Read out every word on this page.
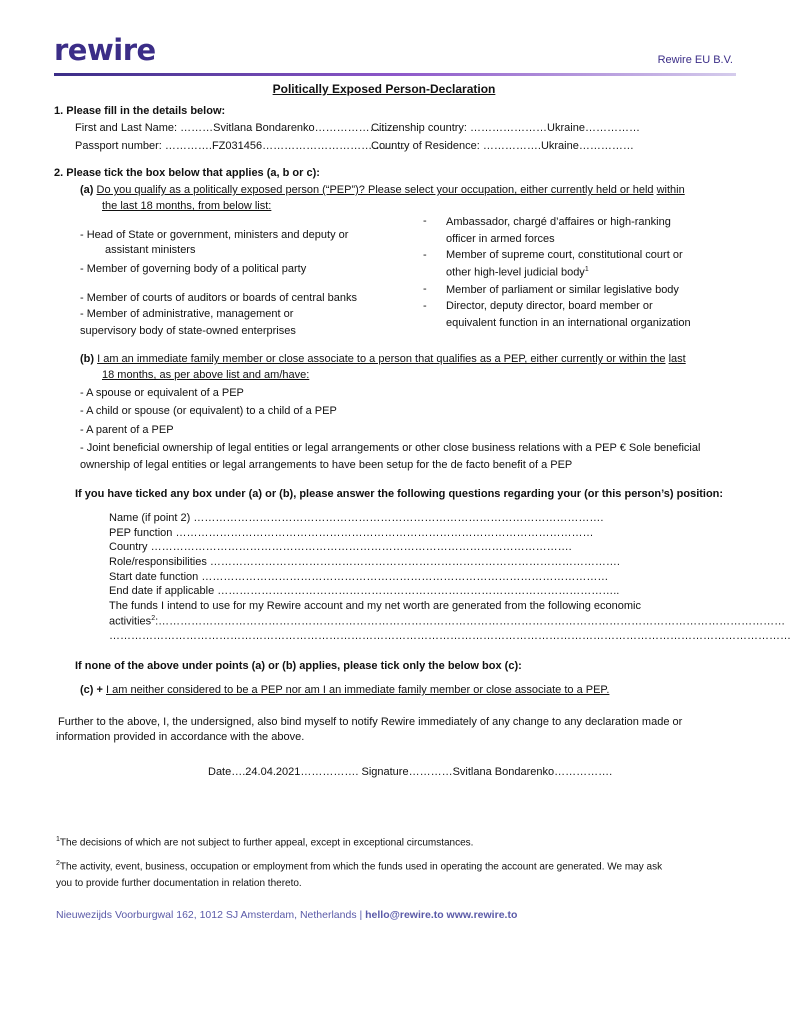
rewire	Rewire EU B.V.
Politically Exposed Person-Declaration
1. Please fill in the details below:
First and Last Name: ………Svitlana Bondarenko………………….
Citizenship country: …………………Ukraine……………
Passport number: ………….FZ031456………………………………….
Country of Residence: …………….Ukraine……………
2. Please tick the box below that applies (a, b or c):
(a) Do you qualify as a politically exposed person (“PEP”)? Please select your occupation, either currently held or held within
the last 18 months, from below list:
- Head of State or government, ministers and deputy or
assistant ministers
- Member of governing body of a political party
- Member of courts of auditors or boards of central banks
- Member of administrative, management or
supervisory body of state-owned enterprises
- Ambassador, chargé d’affaires or high-ranking
officer in armed forces
- Member of supreme court, constitutional court or
other high-level judicial body$^1$
- Member of parliament or similar legislative body
- Director, deputy director, board member or
equivalent function in an international organization
(b) I am an immediate family member or close associate to a person that qualifies as a PEP, either currently or within the last
18 months, as per above list and am/have:
- A spouse or equivalent of a PEP
- A child or spouse (or equivalent) to a child of a PEP
- A parent of a PEP
- Joint beneficial ownership of legal entities or legal arrangements or other close business relations with a PEP € Sole beneficial
ownership of legal entities or legal arrangements to have been setup for the de facto benefit of a PEP
If you have ticked any box under (a) or (b), please answer the following questions regarding your (or this person’s) position:
Name (if point 2) ………………………………………………………………………………………………….
PEP function ……………………………………………………………………………………………………
Country …………………………………………………………………………………………………….
Role/responsibilities ………………………………………………………………………………………………….
Start date function …………………………………………………………………………………………………
End date if applicable ………………………………………………………………………………………………..
The funds I intend to use for my Rewire account and my net worth are generated from the following economic
activities$^2$:………………………………………………………………………………………………………………………………………………………
……………………………………………………………………………………………………………………………………………………………………
If none of the above under points (a) or (b) applies, please tick only the below box (c):
(c) + I am neither considered to be a PEP nor am I an immediate family member or close associate to a PEP.
Further to the above, I, the undersigned, also bind myself to notify Rewire immediately of any change to any declaration made or
information provided in accordance with the above.
Date….24.04.2021……………. Signature…………Svitlana Bondarenko…………….
$^1$The decisions of which are not subject to further appeal, except in exceptional circumstances.
$^2$The activity, event, business, occupation or employment from which the funds used in operating the account are generated. We may ask
you to provide further documentation in relation thereto.
Nieuwezijds Voorburgwal 162, 1012 SJ Amsterdam, Netherlands | hello@rewire.to www.rewire.to
